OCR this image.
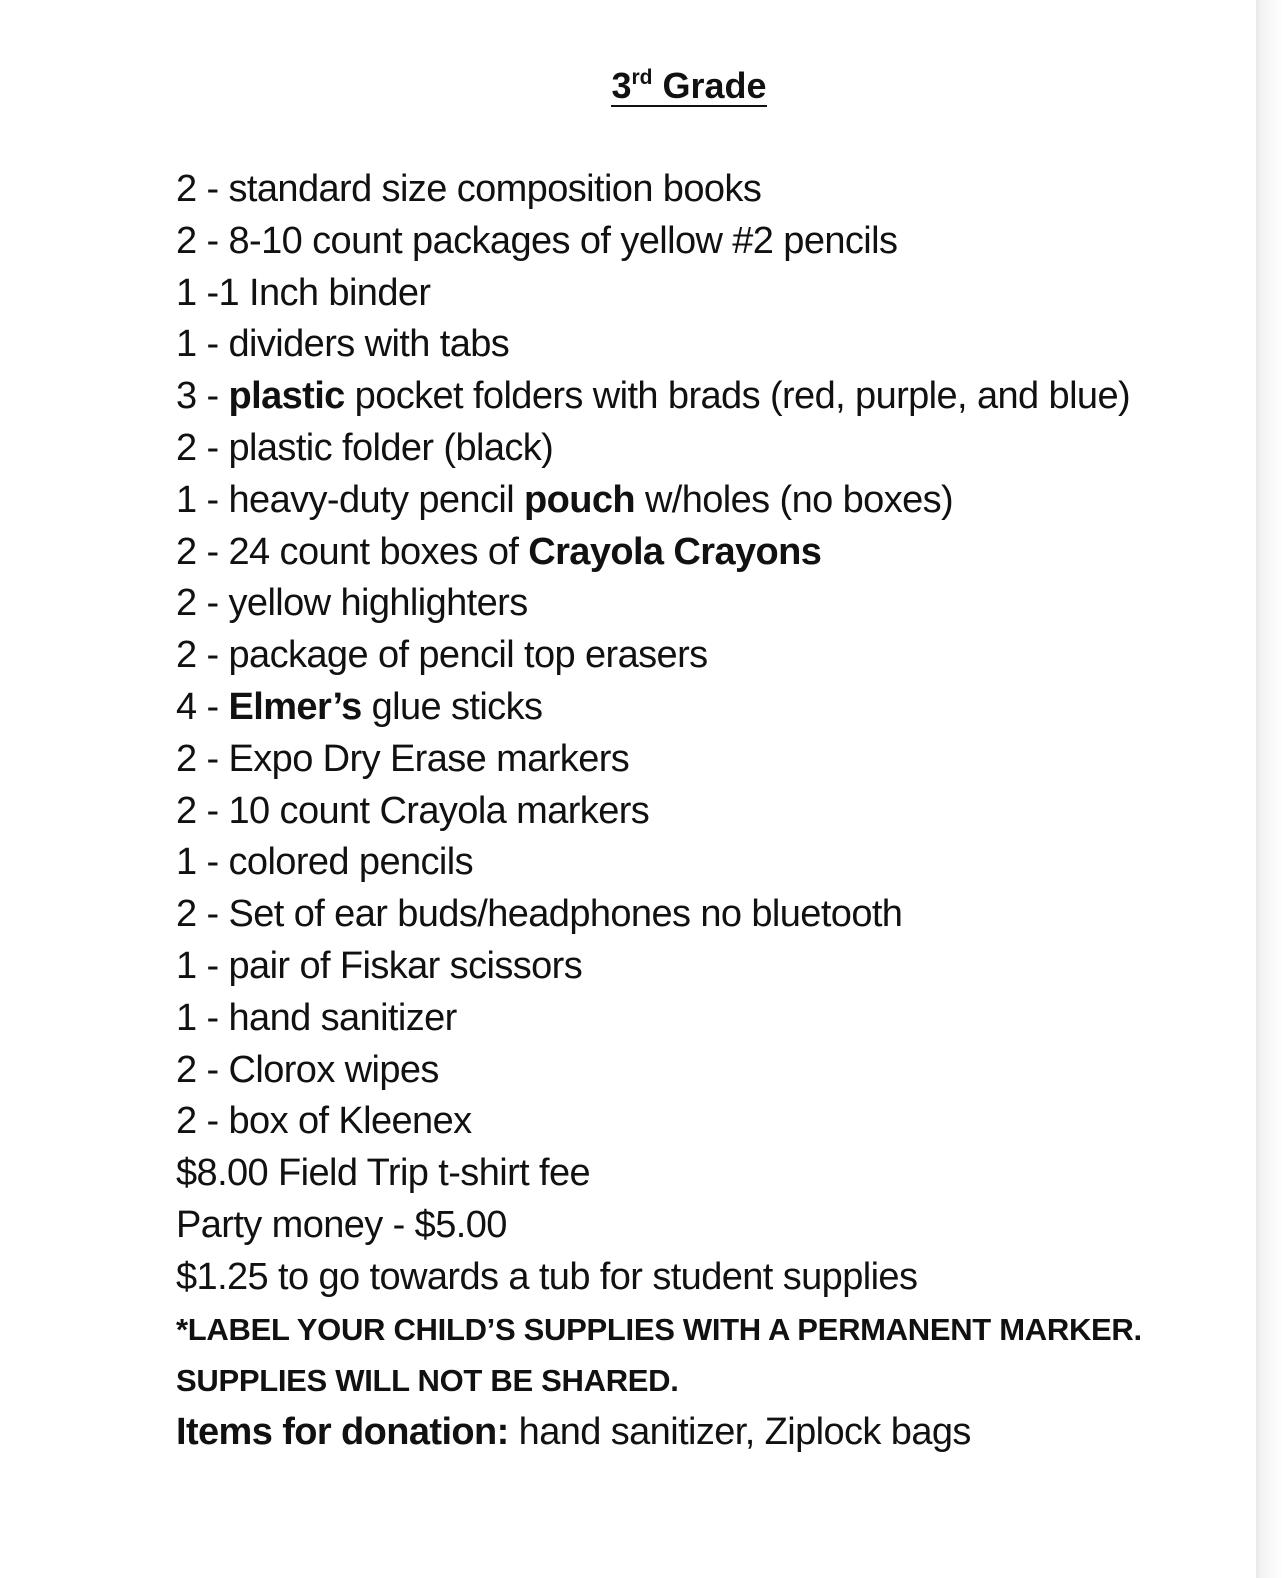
3rd Grade
2 - standard size composition books
2 - 8-10 count packages of yellow #2 pencils
1 -1 Inch binder
1 - dividers with tabs
3 - plastic pocket folders with brads (red, purple, and blue)
2 - plastic folder (black)
1 - heavy-duty pencil pouch w/holes (no boxes)
2 - 24 count boxes of Crayola Crayons
2 - yellow highlighters
2 - package of pencil top erasers
4 - Elmer’s glue sticks
2 - Expo Dry Erase markers
2 - 10 count Crayola markers
1 - colored pencils
2 - Set of ear buds/headphones no bluetooth
1 - pair of Fiskar scissors
1 - hand sanitizer
2 - Clorox wipes
2 - box of Kleenex
$8.00 Field Trip t-shirt fee
Party money - $5.00
$1.25 to go towards a tub for student supplies
*LABEL YOUR CHILD’S SUPPLIES WITH A PERMANENT MARKER.
SUPPLIES WILL NOT BE SHARED.
Items for donation: hand sanitizer, Ziplock bags
